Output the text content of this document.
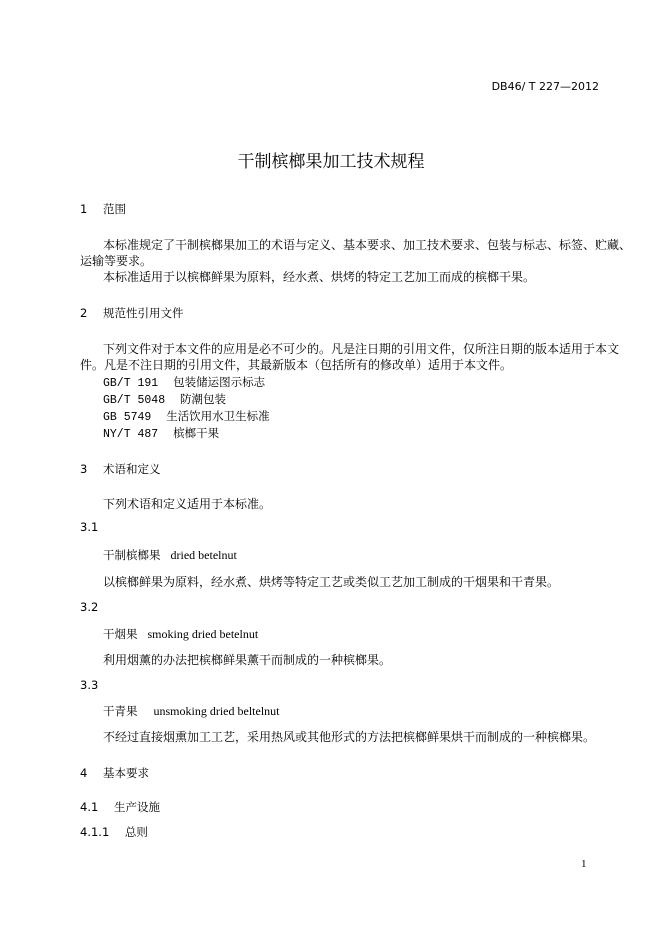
DB46/ T 227—2012
干制槟榔果加工技术规程
1 范围
本标准规定了干制槟榔果加工的术语与定义、基本要求、加工技术要求、包装与标志、标签、贮藏、
运输等要求。
本标准适用于以槟榔鲜果为原料，经水煮、烘烤的特定工艺加工而成的槟榔干果。
2 规范性引用文件
下列文件对于本文件的应用是必不可少的。凡是注日期的引用文件，仅所注日期的版本适用于本文
件。凡是不注日期的引用文件，其最新版本（包括所有的修改单）适用于本文件。
GB/T 191 包装储运图示标志
GB/T 5048 防潮包装
GB 5749 生活饮用水卫生标准
NY/T 487 槟榔干果
3 术语和定义
下列术语和定义适用于本标准。
3.1
干制槟榔果 dried betelnut
以槟榔鲜果为原料，经水煮、烘烤等特定工艺或类似工艺加工制成的干烟果和干青果。
3.2
干烟果 smoking dried betelnut
利用烟薰的办法把槟榔鲜果薰干而制成的一种槟榔果。
3.3
干青果 unsmoking dried beltelnut
不经过直接烟熏加工工艺，采用热风或其他形式的方法把槟榔鲜果烘干而制成的一种槟榔果。
4 基本要求
4.1 生产设施
4.1.1 总则
1
